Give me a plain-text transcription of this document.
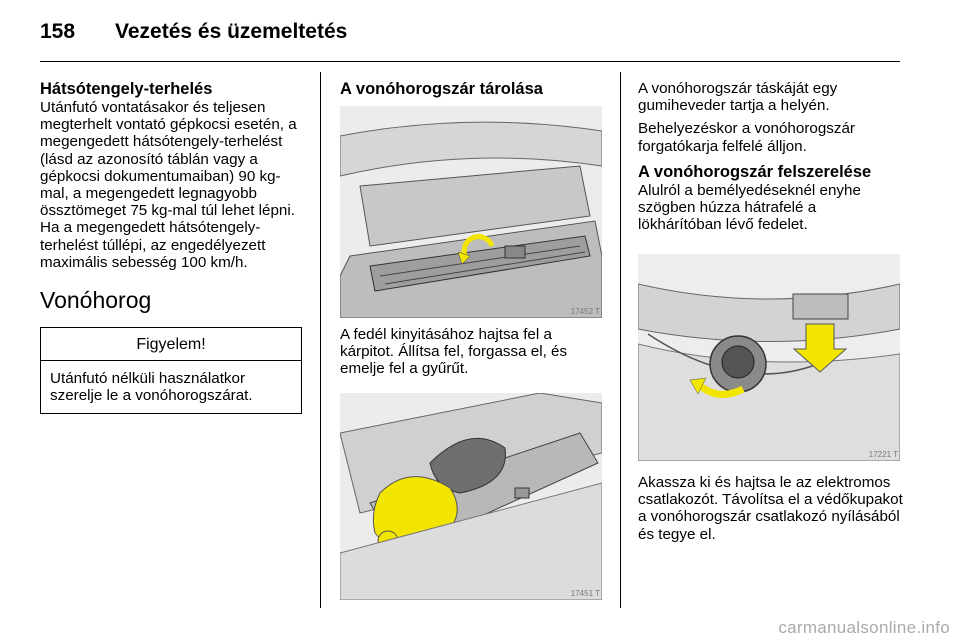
158 Vezetés és üzemeltetés
Hátsótengely-terhelés
Utánfutó vontatásakor és teljesen megterhelt vontató gépkocsi esetén, a megengedett hátsótengely-terhelést (lásd az azonosító táblán vagy a gépkocsi dokumentumaiban) 90 kg-mal, a megengedett legnagyobb össztömeget 75 kg-mal túl lehet lépni. Ha a megengedett hátsótengely-terhelést túllépi, az engedélyezett maximális sebesség 100 km/h.
Vonóhorog
Figyelem!
Utánfutó nélküli használatkor szerelje le a vonóhorogszárat.
A vonóhorogszár tárolása
17452 T
A fedél kinyitásához hajtsa fel a kárpitot. Állítsa fel, forgassa el, és emelje fel a gyűrűt.
17451 T

A vonóhorogszár táskáját egy gumiheveder tartja a helyén.

Behelyezéskor a vonóhorogszár forgatókarja felfelé álljon.

A vonóhorogszár felszerelése
Alulról a bemélyedéseknél enyhe szögben húzza hátrafelé a lökhárítóban lévő fedelet.
17221 T
Akassza ki és hajtsa le az elektromos csatlakozót. Távolítsa el a védőkupakot a vonóhorogszár csatlakozó nyílásából és tegye el.
carmanualsonline.info
